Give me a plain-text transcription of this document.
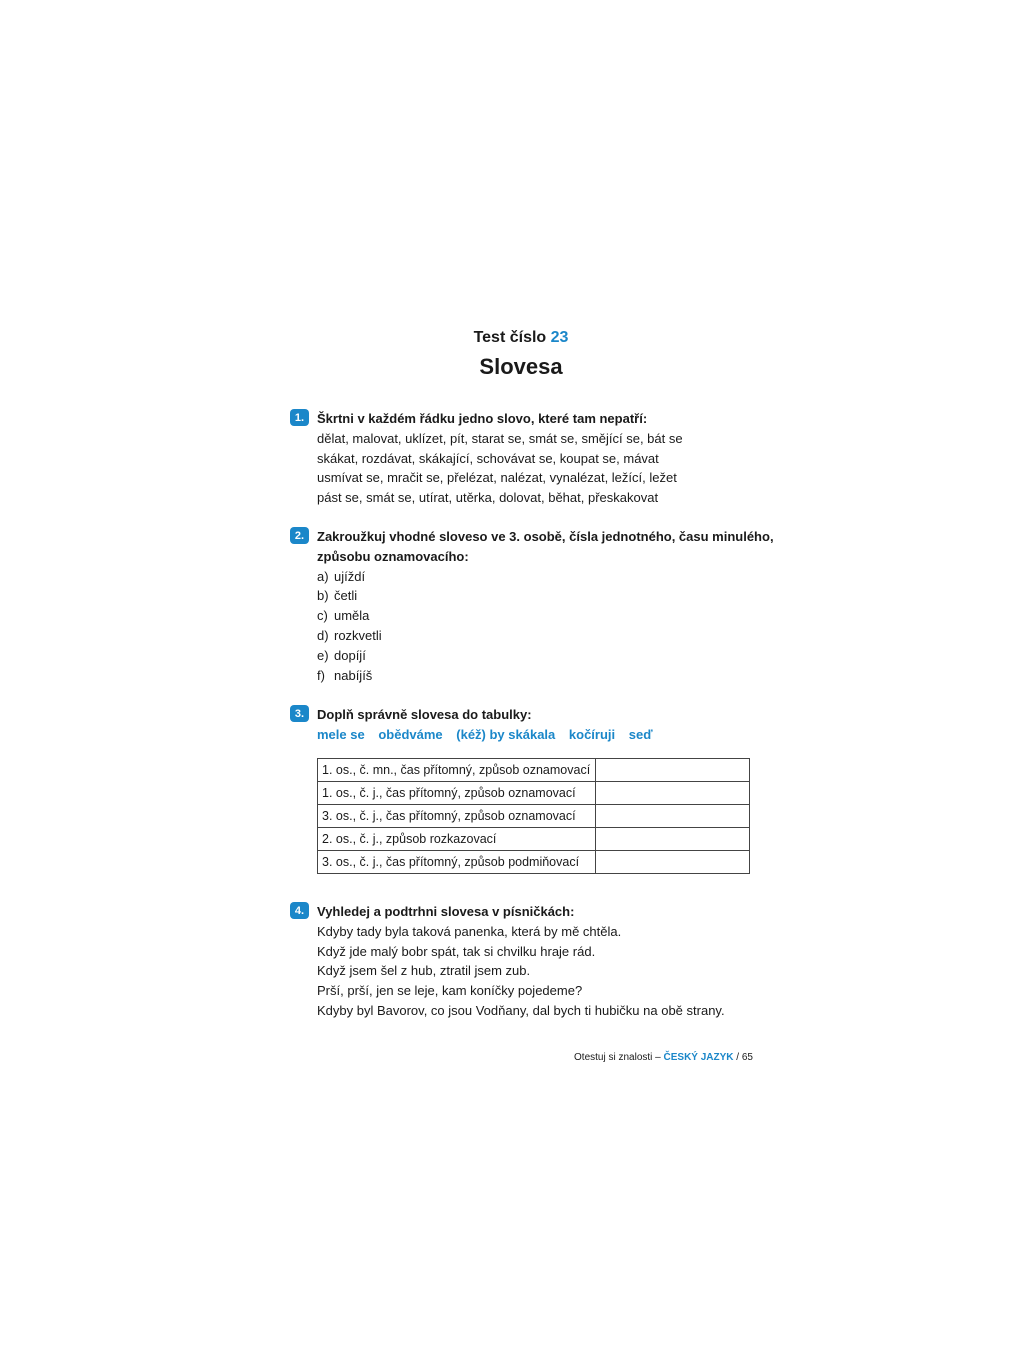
Test číslo 23
Slovesa
1. Škrtni v každém řádku jedno slovo, které tam nepatří:
dělat, malovat, uklízet, pít, starat se, smát se, smějící se, bát se
skákat, rozdávat, skákající, schovávat se, koupat se, mávat
usmívat se, mračit se, přelézat, nalézat, vynalézat, ležící, ležet
pást se, smát se, utírat, utěrka, dolovat, běhat, přeskakovat
2. Zakroužkuj vhodné sloveso ve 3. osobě, čísla jednotného, času minulého,
způsobu oznamovacího:
a) ujíždí
b) četli
c) uměla
d) rozkvetli
e) dopíjí
f) nabíjíš
3. Doplň správně slovesa do tabulky:
mele se obědváme (kéž) by skákala kočíruji seď
1. os., č. mn., čas přítomný, způsob oznamovací	
1. os., č. j., čas přítomný, způsob oznamovací	
3. os., č. j., čas přítomný, způsob oznamovací	
2. os., č. j., způsob rozkazovací	
3. os., č. j., čas přítomný, způsob podmiňovací	
4. Vyhledej a podtrhni slovesa v písničkách:
Kdyby tady byla taková panenka, která by mě chtěla.
Když jde malý bobr spát, tak si chvilku hraje rád.
Když jsem šel z hub, ztratil jsem zub.
Prší, prší, jen se leje, kam koníčky pojedeme?
Kdyby byl Bavorov, co jsou Vodňany, dal bych ti hubičku na obě strany.
Otestuj si znalosti – ČESKÝ JAZYK / 65
